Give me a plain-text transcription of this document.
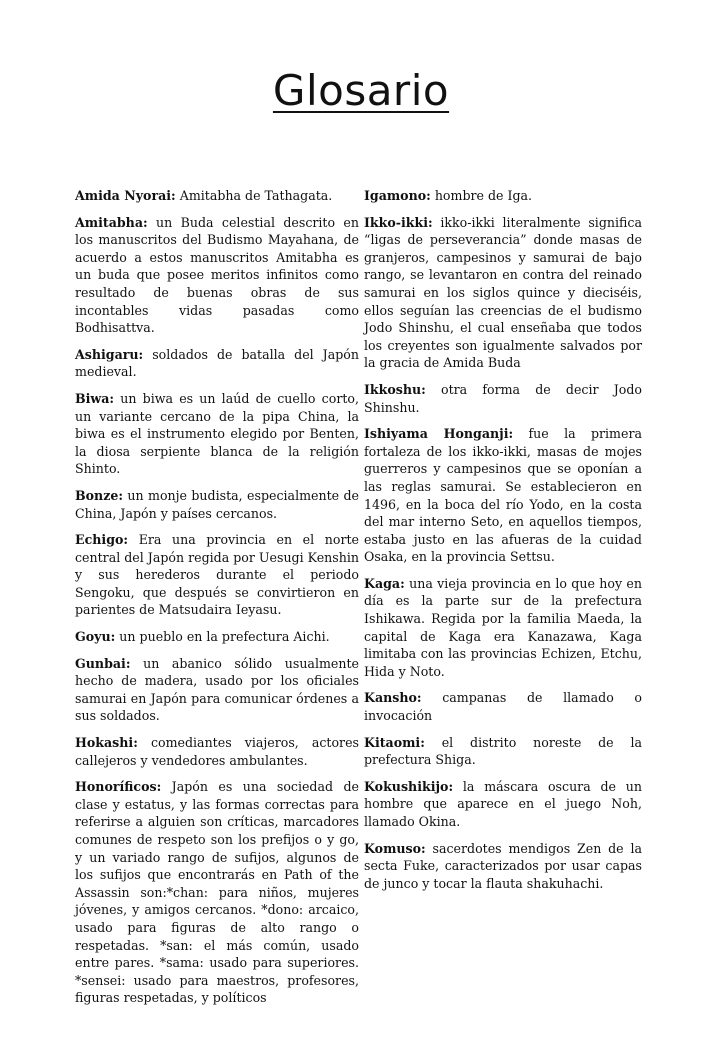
Glosario

Amida Nyorai: Amitabha de Tathagata.

Amitabha: un Buda celestial descrito en los manuscritos del Budismo Mayahana, de acuerdo a estos manuscritos Amitabha es un buda que posee meritos infinitos como resultado de buenas obras de sus incontables vidas pasadas como Bodhisattva.

Ashigaru: soldados de batalla del Japón medieval.

Biwa: un biwa es un laúd de cuello corto, un variante cercano de la pipa China, la biwa es el instrumento elegido por Benten, la diosa serpiente blanca de la religión Shinto.

Bonze: un monje budista, especialmente de China, Japón y países cercanos.

Echigo: Era una provincia en el norte central del Japón regida por Uesugi Kenshin y sus herederos durante el periodo Sengoku, que después se convirtieron en parientes de Matsudaira Ieyasu.

Goyu: un pueblo en la prefectura Aichi.

Gunbai: un abanico sólido usualmente hecho de madera, usado por los oficiales samurai en Japón para comunicar órdenes a sus soldados.

Hokashi: comediantes viajeros, actores callejeros y vendedores ambulantes.

Honoríficos: Japón es una sociedad de clase y estatus, y las formas correctas para referirse a alguien son críticas, marcadores comunes de respeto son los prefijos o y go, y un variado rango de sufijos, algunos de los sufijos que encontrarás en Path of the Assassin son:*chan: para niños, mujeres jóvenes, y amigos cercanos. *dono: arcaico, usado para figuras de alto rango o respetadas. *san: el más común, usado entre pares. *sama: usado para superiores. *sensei: usado para maestros, profesores, figuras respetadas, y políticos

Igamono: hombre de Iga.

Ikko-ikki: ikko-ikki literalmente significa “ligas de perseverancia” donde masas de granjeros, campesinos y samurai de bajo rango, se levantaron en contra del reinado samurai en los siglos quince y dieciséis, ellos seguían las creencias de el budismo Jodo Shinshu, el cual enseñaba que todos los creyentes son igualmente salvados por la gracia de Amida Buda

Ikkoshu: otra forma de decir Jodo Shinshu.

Ishiyama Honganji: fue la primera fortaleza de los ikko-ikki, masas de mojes guerreros y campesinos que se oponían a las reglas samurai. Se establecieron en 1496, en la boca del río Yodo, en la costa del mar interno Seto, en aquellos tiempos, estaba justo en las afueras de la cuidad Osaka, en la provincia Settsu.

Kaga: una vieja provincia en lo que hoy en día es la parte sur de la prefectura Ishikawa. Regida por la familia Maeda, la capital de Kaga era Kanazawa, Kaga limitaba con las provincias Echizen, Etchu, Hida y Noto.

Kansho: campanas de llamado o invocación

Kitaomi: el distrito noreste de la prefectura Shiga.

Kokushikijo: la máscara oscura de un hombre que aparece en el juego Noh, llamado Okina.

Komuso: sacerdotes mendigos Zen de la secta Fuke, caracterizados por usar capas de junco y tocar la flauta shakuhachi.
